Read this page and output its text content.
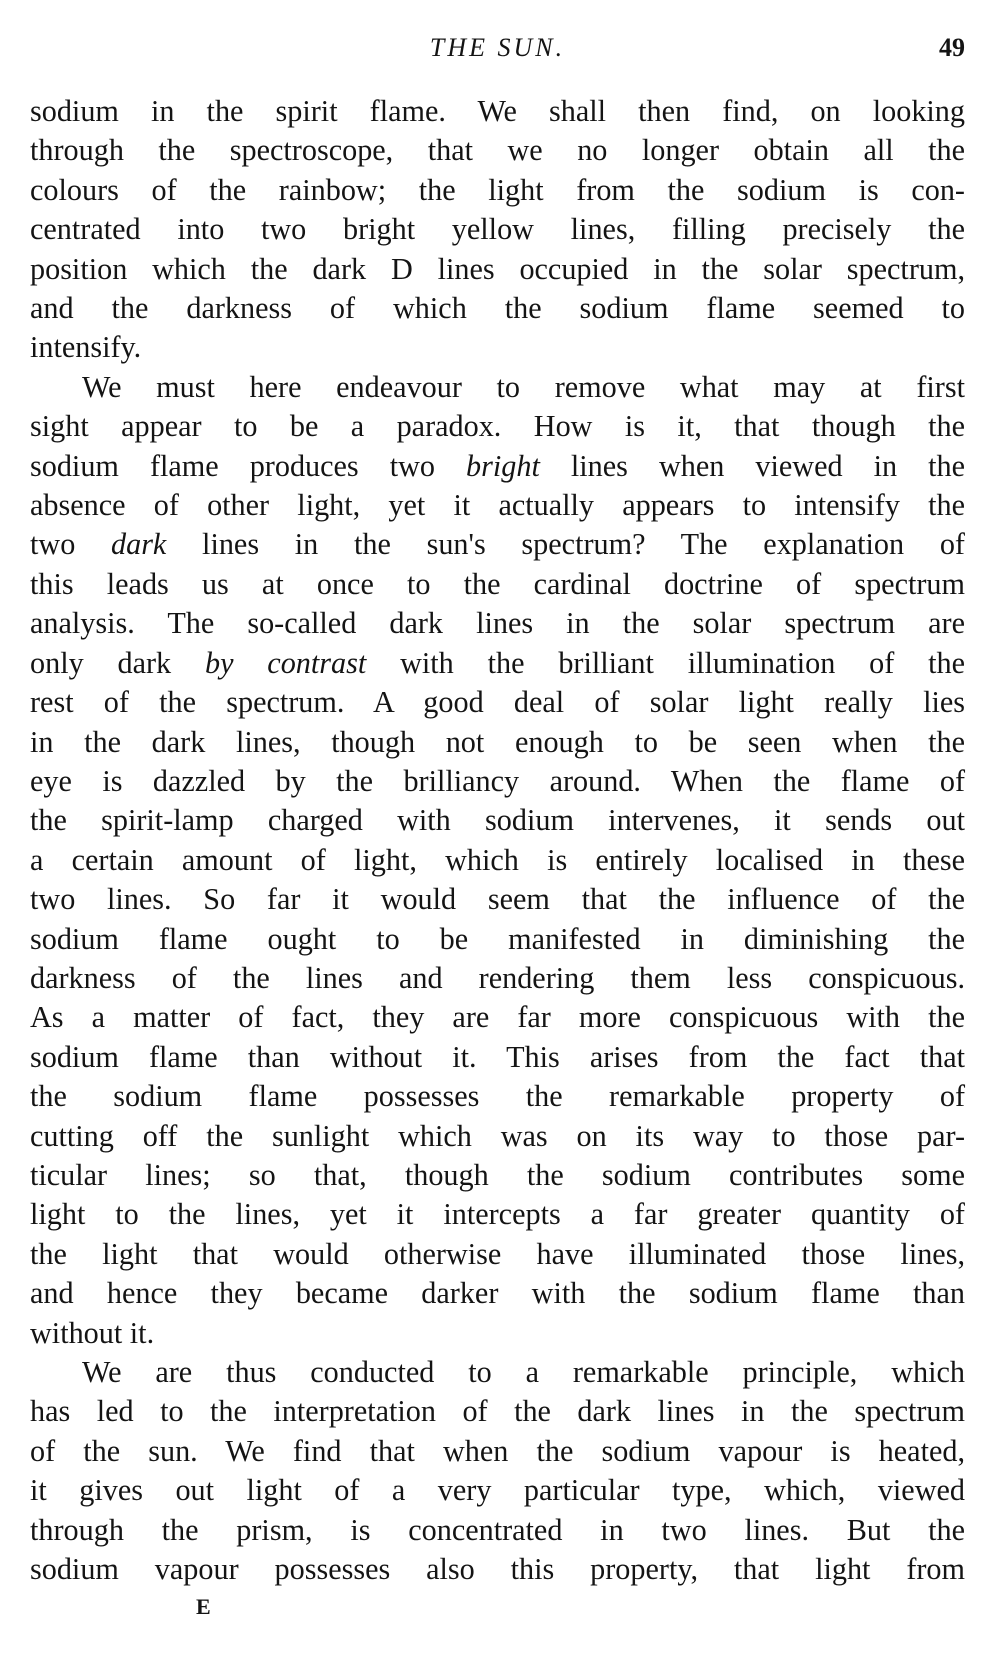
THE SUN.	49

sodium in the spirit flame. We shall then find, on looking
through the spectroscope, that we no longer obtain all the
colours of the rainbow; the light from the sodium is con-
centrated into two bright yellow lines, filling precisely the
position which the dark D lines occupied in the solar spectrum,
and the darkness of which the sodium flame seemed to
intensify.

We must here endeavour to remove what may at first
sight appear to be a paradox. How is it, that though the
sodium flame produces two bright lines when viewed in the
absence of other light, yet it actually appears to intensify the
two dark lines in the sun's spectrum? The explanation of
this leads us at once to the cardinal doctrine of spectrum
analysis. The so-called dark lines in the solar spectrum are
only dark by contrast with the brilliant illumination of the
rest of the spectrum. A good deal of solar light really lies
in the dark lines, though not enough to be seen when the
eye is dazzled by the brilliancy around. When the flame of
the spirit-lamp charged with sodium intervenes, it sends out
a certain amount of light, which is entirely localised in these
two lines. So far it would seem that the influence of the
sodium flame ought to be manifested in diminishing the
darkness of the lines and rendering them less conspicuous.
As a matter of fact, they are far more conspicuous with the
sodium flame than without it. This arises from the fact that
the sodium flame possesses the remarkable property of
cutting off the sunlight which was on its way to those par-
ticular lines; so that, though the sodium contributes some
light to the lines, yet it intercepts a far greater quantity of
the light that would otherwise have illuminated those lines,
and hence they became darker with the sodium flame than
without it.

We are thus conducted to a remarkable principle, which
has led to the interpretation of the dark lines in the spectrum
of the sun. We find that when the sodium vapour is heated,
it gives out light of a very particular type, which, viewed
through the prism, is concentrated in two lines. But the
sodium vapour possesses also this property, that light from

E
